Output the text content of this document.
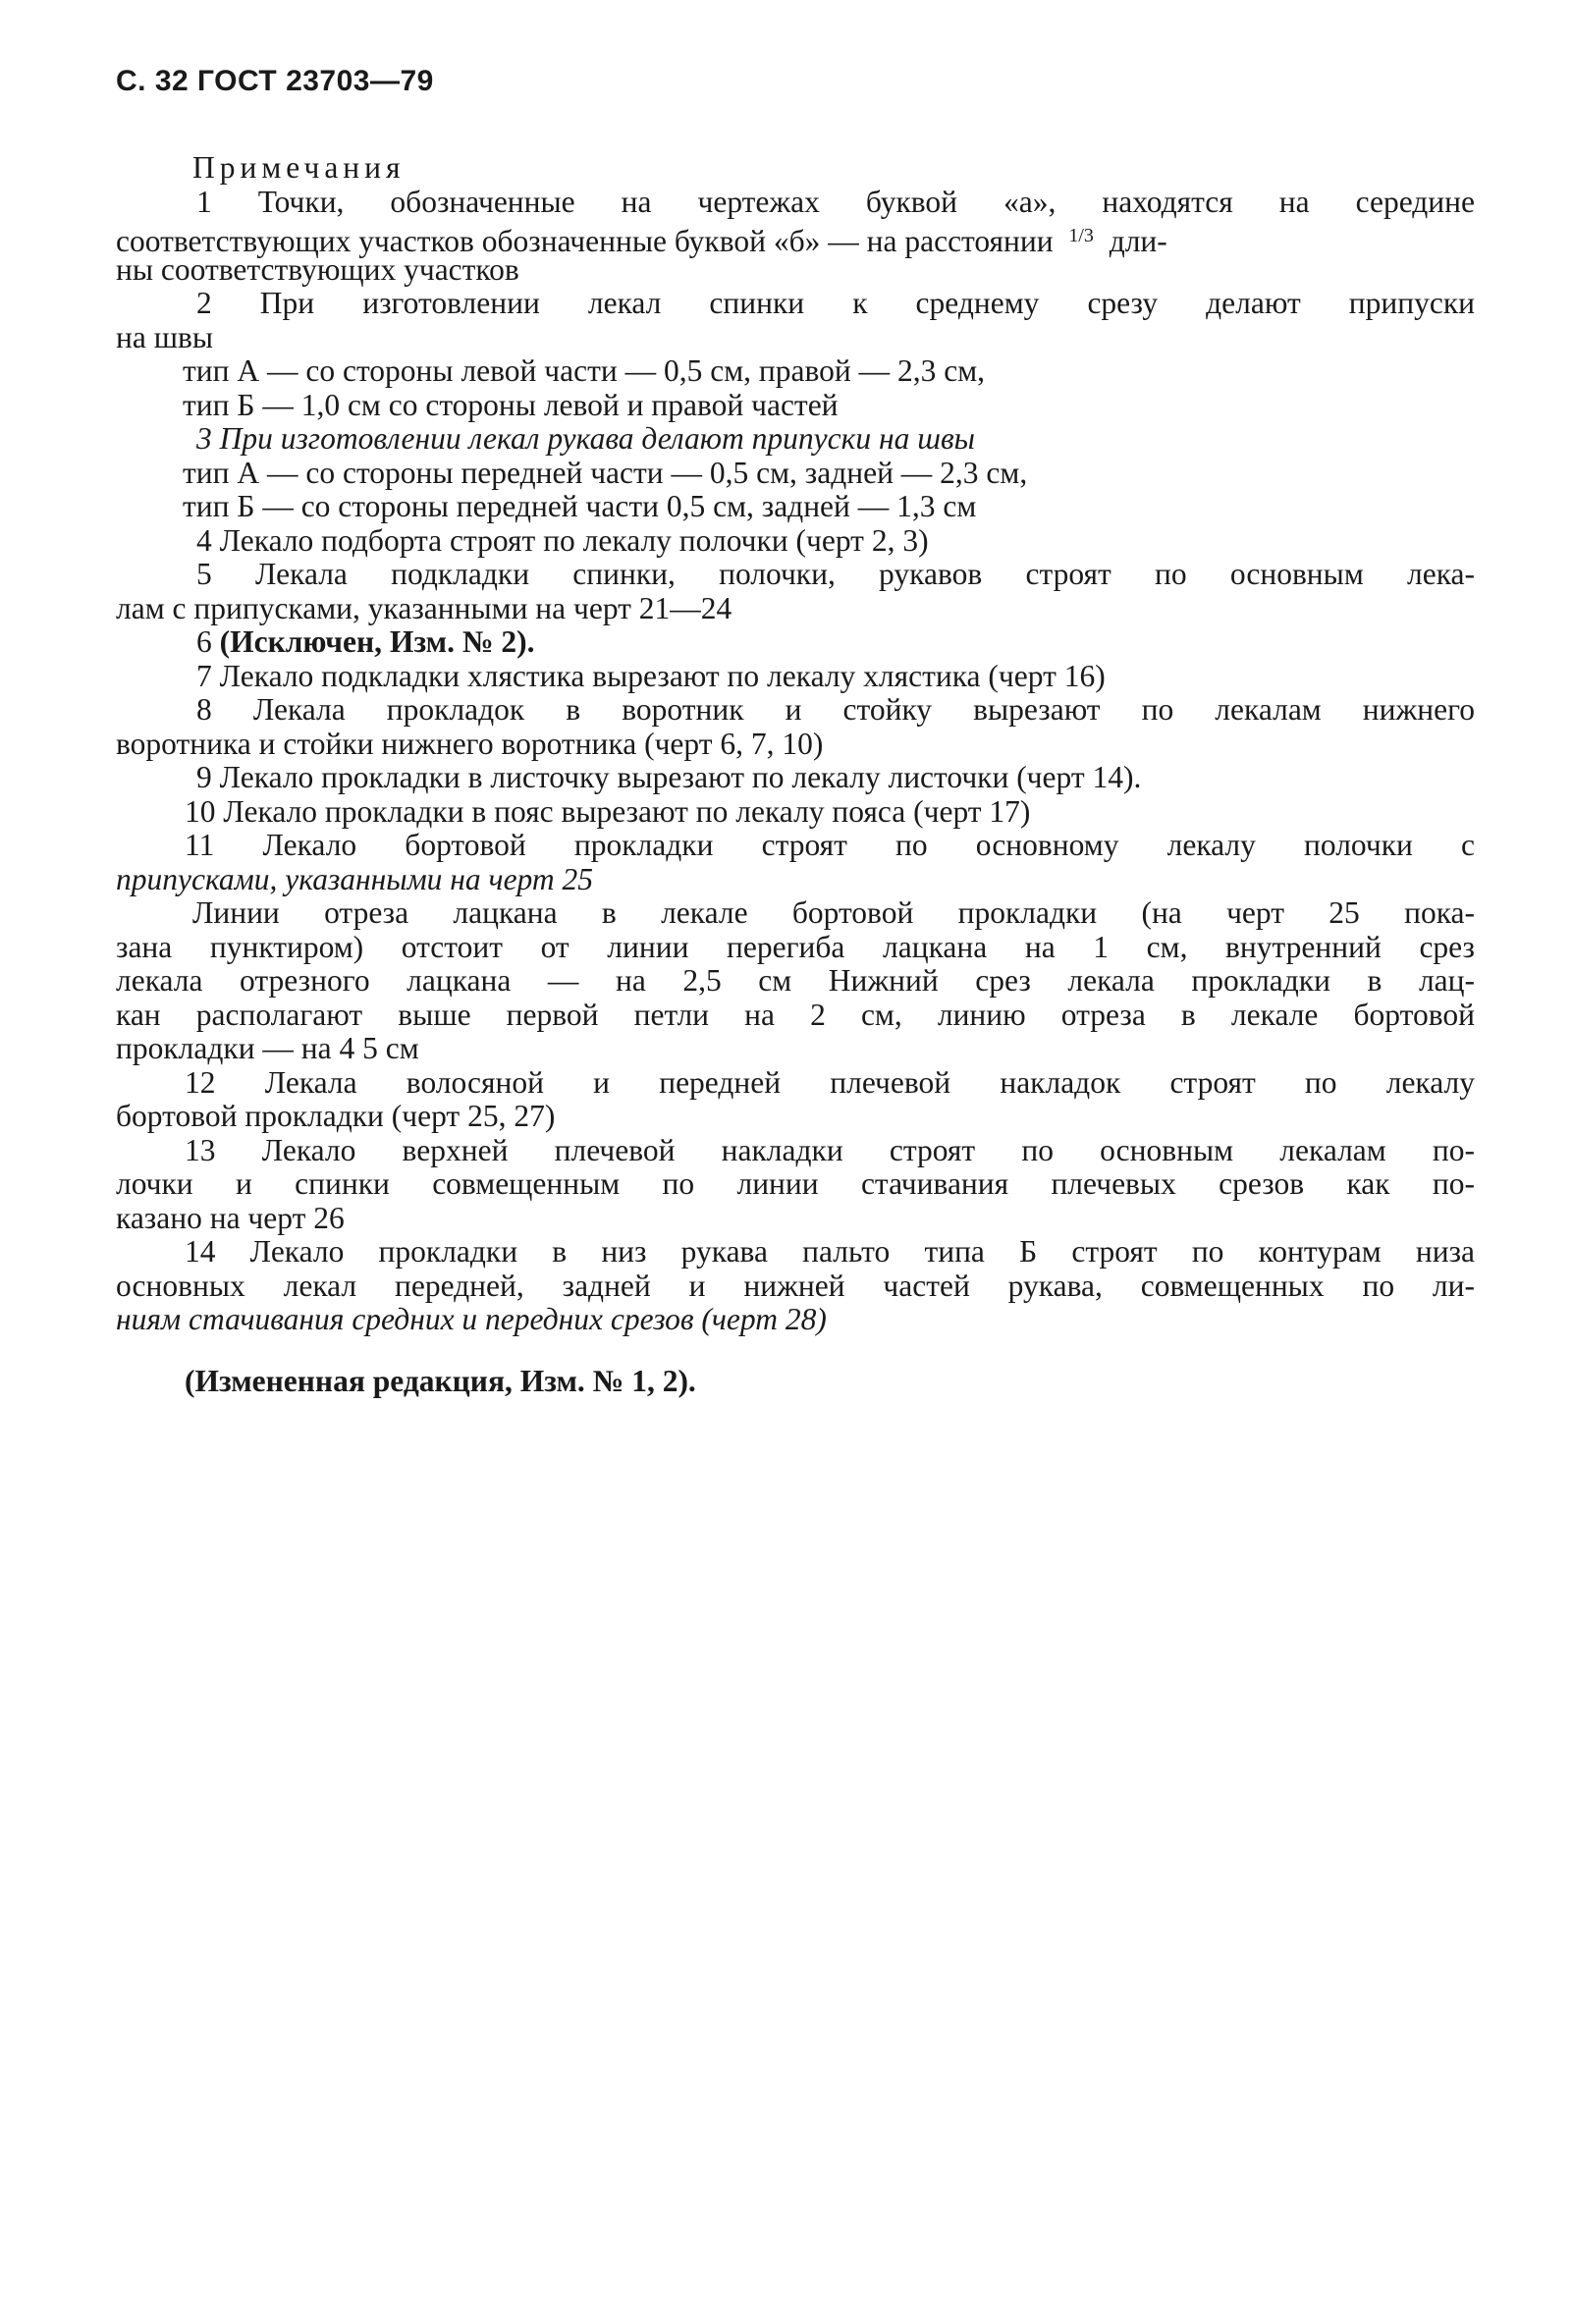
С. 32 ГОСТ 23703—79
Примечания
1 Точки, обозначенные на чертежах буквой «а», находятся на середине
соответствующих участков обозначенные буквой «б» — на расстоянии $^{1/3}$ дли-
ны соответствующих участков
2 При изготовлении лекал спинки к среднему срезу делают припуски
на швы
тип А — со стороны левой части — 0,5 см, правой — 2,3 см,
тип Б — 1,0 см со стороны левой и правой частей
3 При изготовлении лекал рукава делают припуски на швы
тип А — со стороны передней части — 0,5 см, задней — 2,3 см,
тип Б — со стороны передней части 0,5 см, задней — 1,3 см
4 Лекало подборта строят по лекалу полочки (черт 2, 3)
5 Лекала подкладки спинки, полочки, рукавов строят по основным лека-
лам с припусками, указанными на черт 21—24
6 (Исключен, Изм. № 2).
7 Лекало подкладки хлястика вырезают по лекалу хлястика (черт 16)
8 Лекала прокладок в воротник и стойку вырезают по лекалам нижнего
воротника и стойки нижнего воротника (черт 6, 7, 10)
9 Лекало прокладки в листочку вырезают по лекалу листочки (черт 14).
10 Лекало прокладки в пояс вырезают по лекалу пояса (черт 17)
11 Лекало бортовой прокладки строят по основному лекалу полочки с
припусками, указанными на черт 25
Линии отреза лацкана в лекале бортовой прокладки (на черт 25 пока-
зана пунктиром) отстоит от линии перегиба лацкана на 1 см, внутренний срез
лекала отрезного лацкана — на 2,5 см Нижний срез лекала прокладки в лац-
кан располагают выше первой петли на 2 см, линию отреза в лекале бортовой
прокладки — на 4 5 см
12 Лекала волосяной и передней плечевой накладок строят по лекалу
бортовой прокладки (черт 25, 27)
13 Лекало верхней плечевой накладки строят по основным лекалам по-
лочки и спинки совмещенным по линии стачивания плечевых срезов как по-
казано на черт 26
14 Лекало прокладки в низ рукава пальто типа Б строят по контурам низа
основных лекал передней, задней и нижней частей рукава, совмещенных по ли-
ниям стачивания средних и передних срезов (черт 28)
(Измененная редакция, Изм. № 1, 2).
